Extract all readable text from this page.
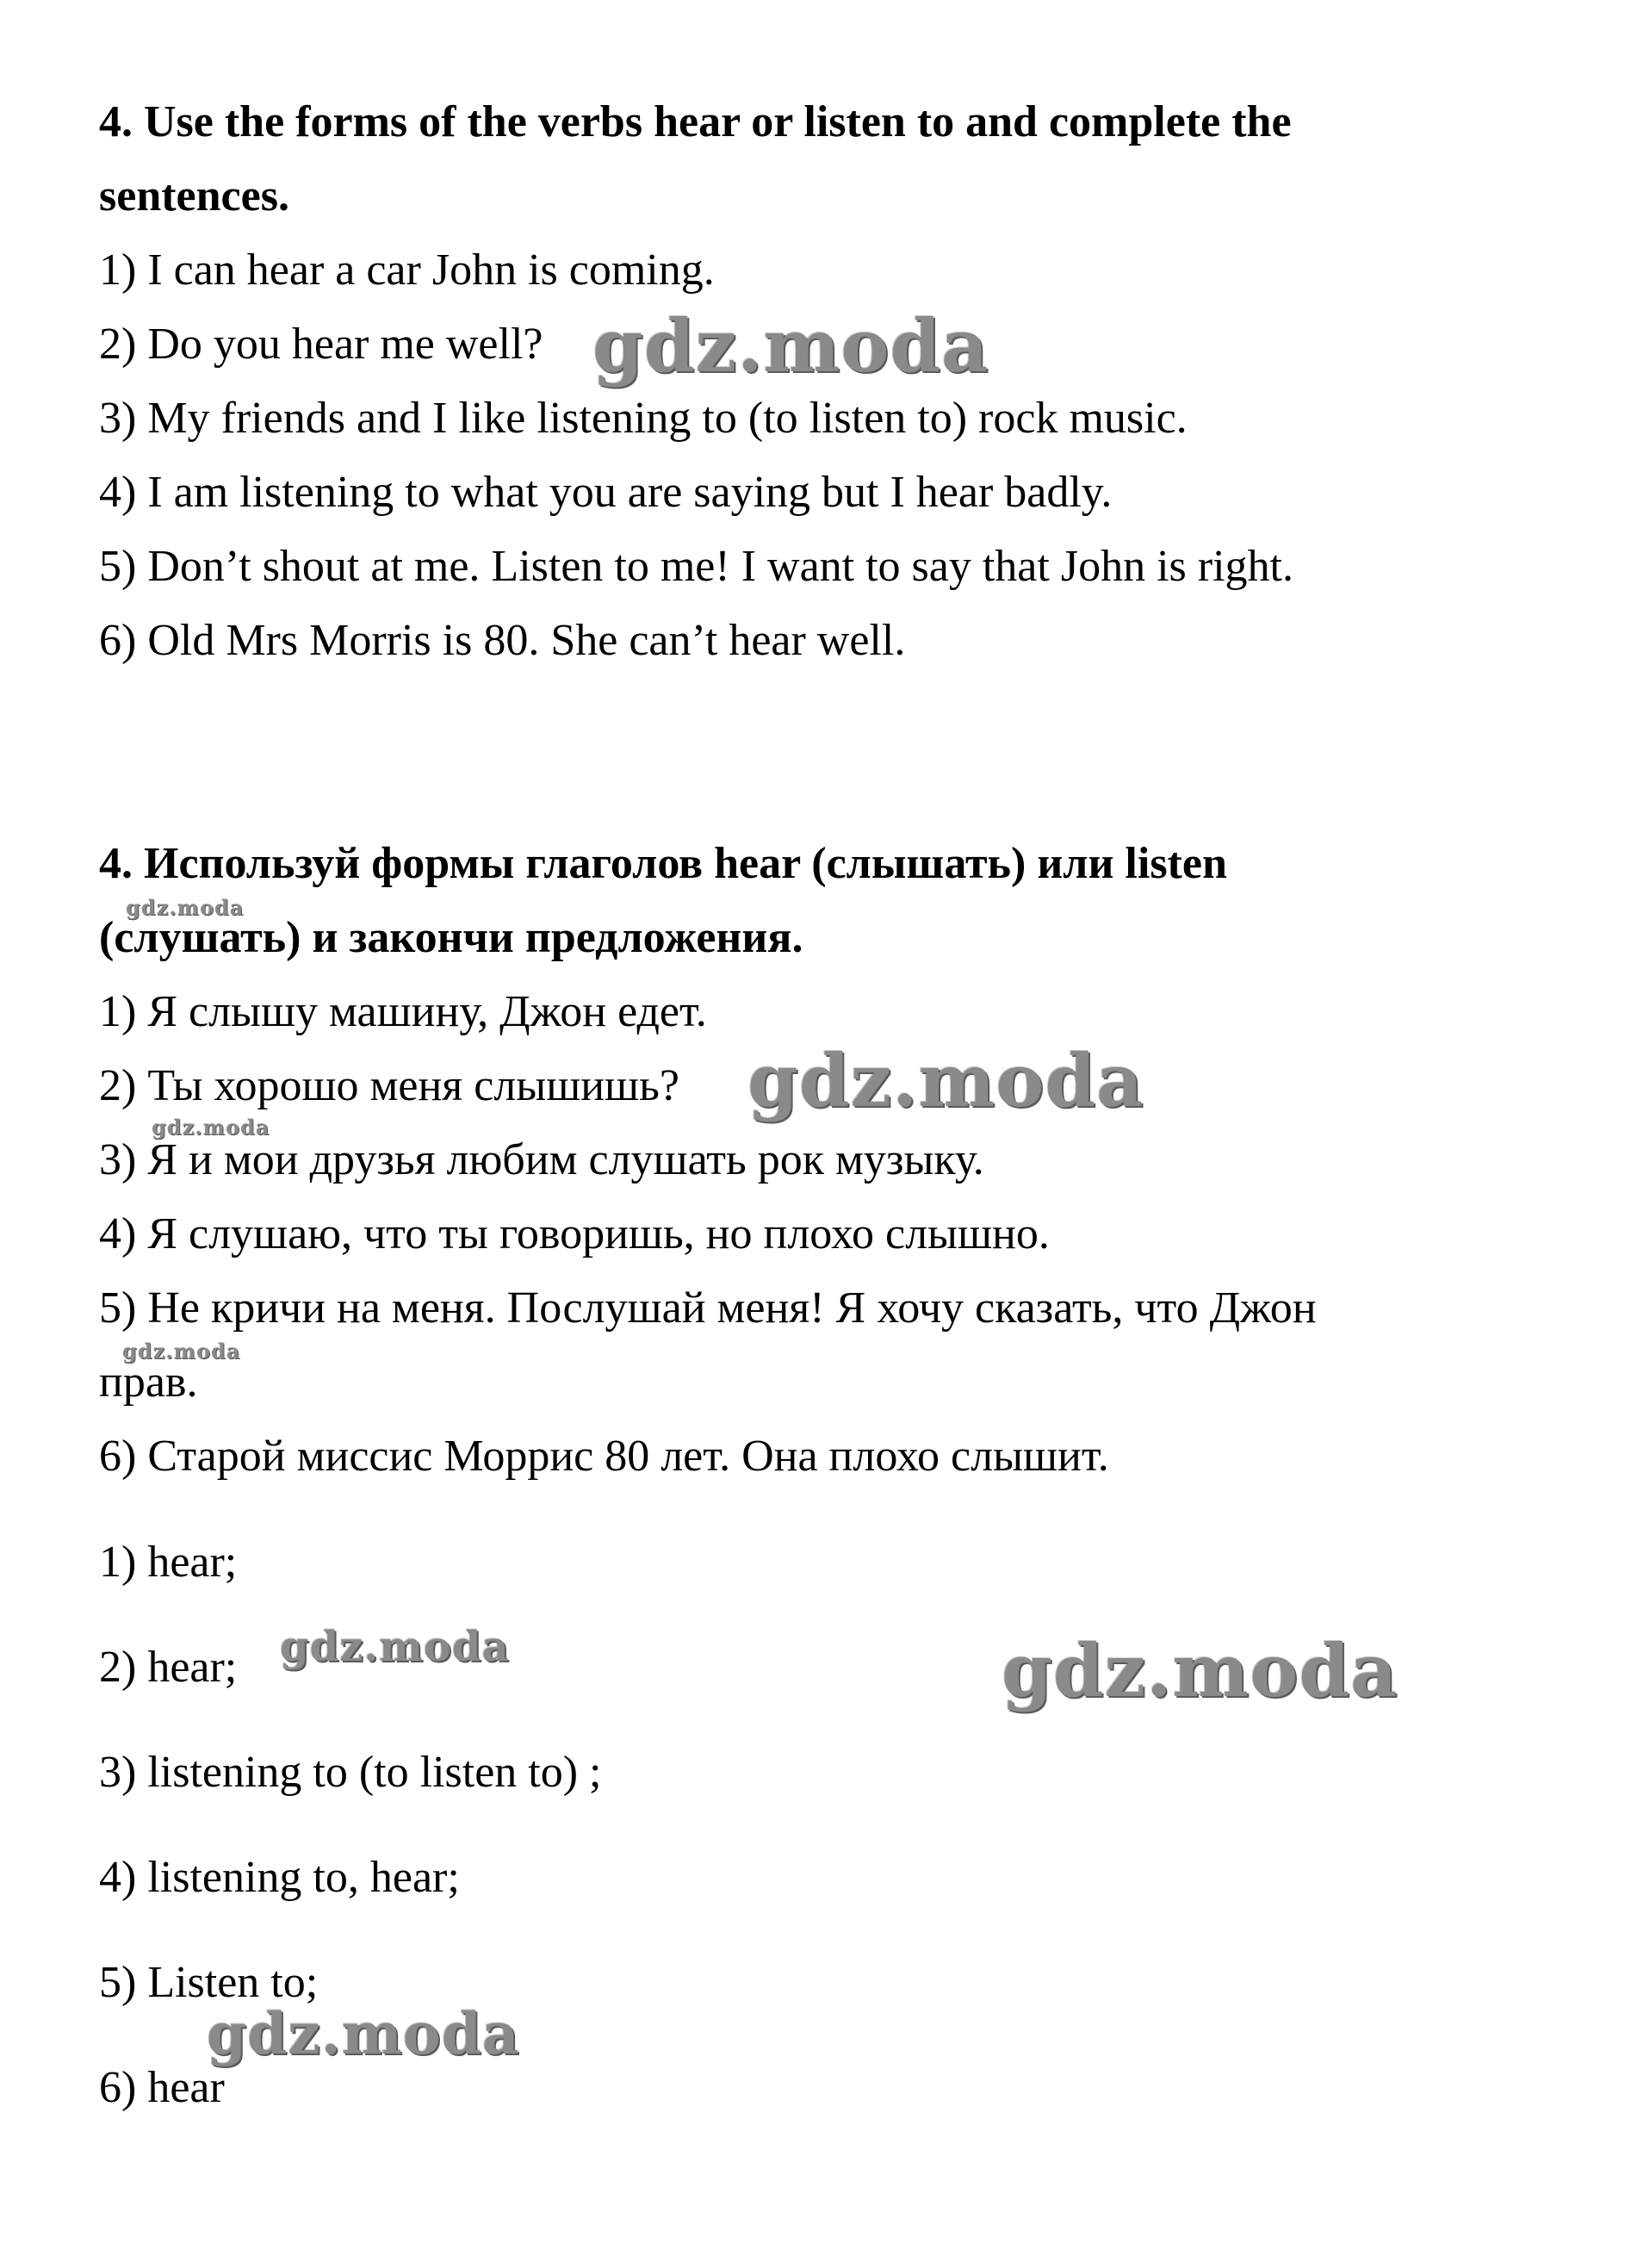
4. Use the forms of the verbs hear or listen to and complete the
sentences.
1) I can hear a car John is coming.
2) Do you hear me well?
3) My friends and I like listening to (to listen to) rock music.
4) I am listening to what you are saying but I hear badly.
5) Don’t shout at me. Listen to me! I want to say that John is right.
6) Old Mrs Morris is 80. She can’t hear well.
4. Используй формы глаголов hear (слышать) или listen
(слушать) и закончи предложения.
1) Я слышу машину, Джон едет.
2) Ты хорошо меня слышишь?
3) Я и мои друзья любим слушать рок музыку.
4) Я слушаю, что ты говоришь, но плохо слышно.
5) Не кричи на меня. Послушай меня! Я хочу сказать, что Джон
прав.
6) Старой миссис Моррис 80 лет. Она плохо слышит.
1) hear;
2) hear;
3) listening to (to listen to) ;
4) listening to, hear;
5) Listen to;
6) hear
gdz.moda
gdz.moda
gdz.moda
gdz.moda
gdz.moda
gdz.moda	gdz.moda
gdz.moda
